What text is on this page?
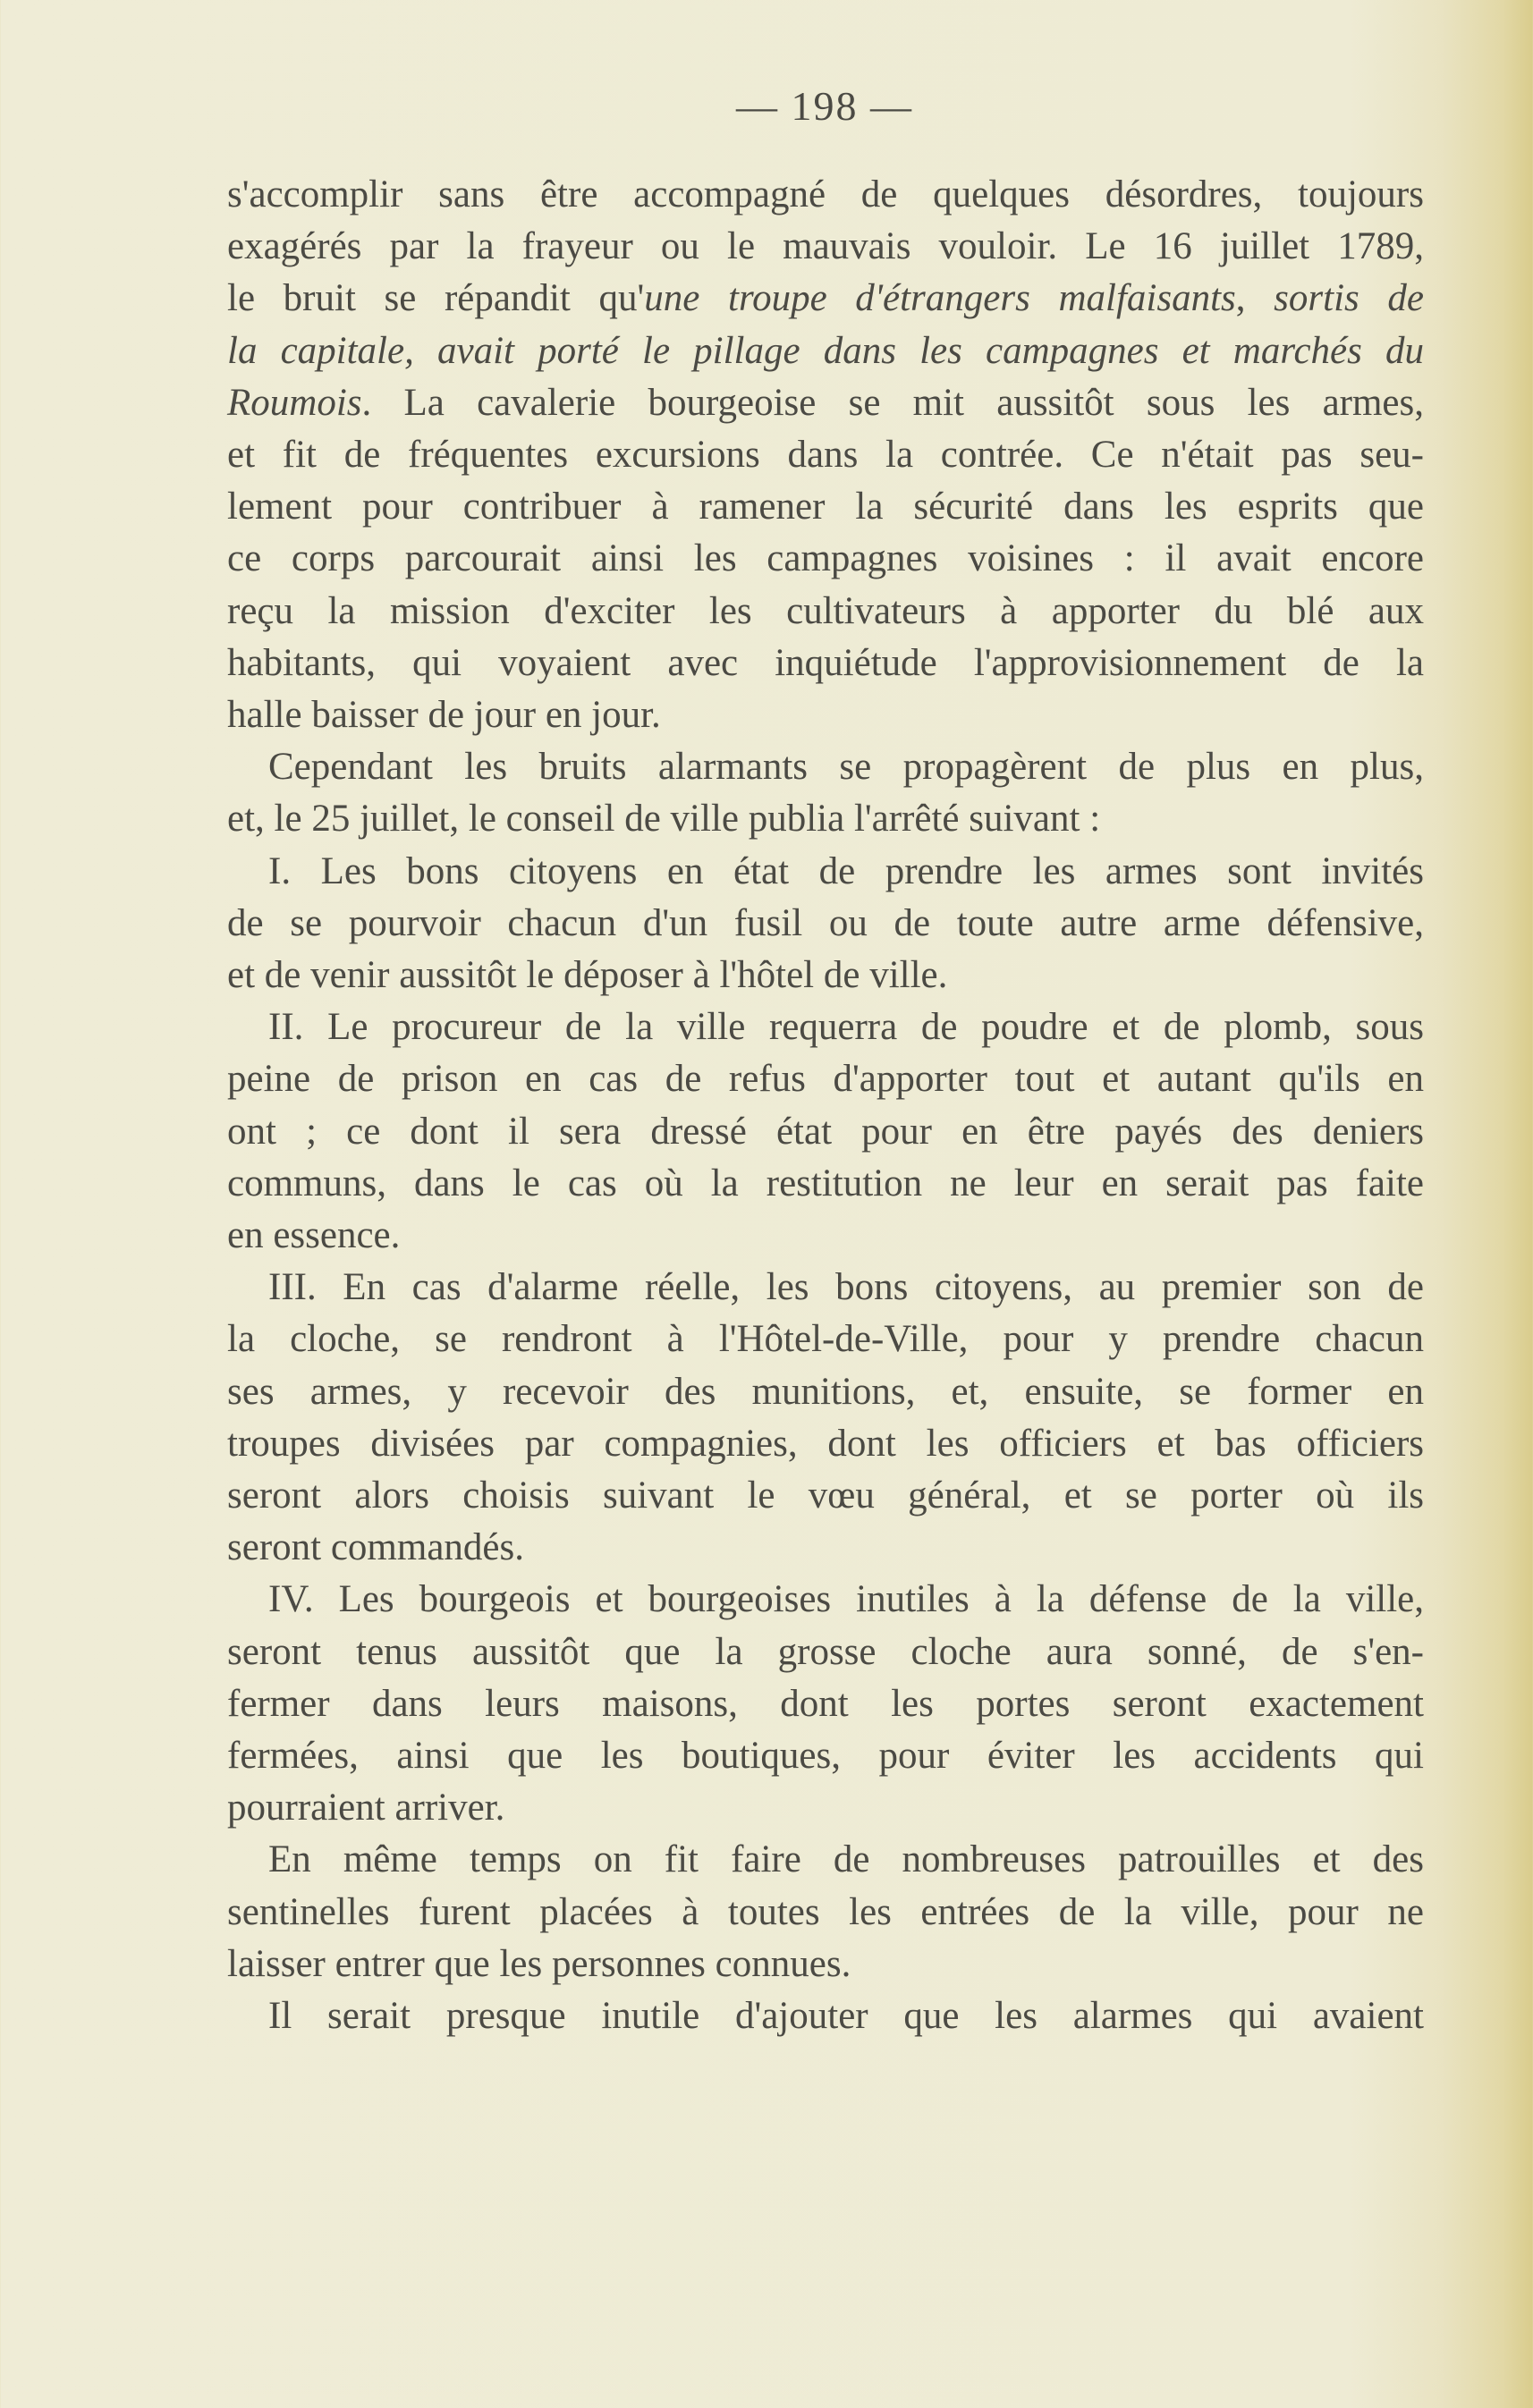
— 198 —
s'accomplir sans être accompagné de quelques désordres, toujours
exagérés par la frayeur ou le mauvais vouloir. Le 16 juillet 1789,
le bruit se répandit qu'une troupe d'étrangers malfaisants, sortis de
la capitale, avait porté le pillage dans les campagnes et marchés du
Roumois. La cavalerie bourgeoise se mit aussitôt sous les armes,
et fit de fréquentes excursions dans la contrée. Ce n'était pas seu-
lement pour contribuer à ramener la sécurité dans les esprits que
ce corps parcourait ainsi les campagnes voisines : il avait encore
reçu la mission d'exciter les cultivateurs à apporter du blé aux
habitants, qui voyaient avec inquiétude l'approvisionnement de la
halle baisser de jour en jour.
Cependant les bruits alarmants se propagèrent de plus en plus,
et, le 25 juillet, le conseil de ville publia l'arrêté suivant :
I. Les bons citoyens en état de prendre les armes sont invités
de se pourvoir chacun d'un fusil ou de toute autre arme défensive,
et de venir aussitôt le déposer à l'hôtel de ville.
II. Le procureur de la ville requerra de poudre et de plomb, sous
peine de prison en cas de refus d'apporter tout et autant qu'ils en
ont ; ce dont il sera dressé état pour en être payés des deniers
communs, dans le cas où la restitution ne leur en serait pas faite
en essence.
III. En cas d'alarme réelle, les bons citoyens, au premier son de
la cloche, se rendront à l'Hôtel-de-Ville, pour y prendre chacun
ses armes, y recevoir des munitions, et, ensuite, se former en
troupes divisées par compagnies, dont les officiers et bas officiers
seront alors choisis suivant le vœu général, et se porter où ils
seront commandés.
IV. Les bourgeois et bourgeoises inutiles à la défense de la ville,
seront tenus aussitôt que la grosse cloche aura sonné, de s'en-
fermer dans leurs maisons, dont les portes seront exactement
fermées, ainsi que les boutiques, pour éviter les accidents qui
pourraient arriver.
En même temps on fit faire de nombreuses patrouilles et des
sentinelles furent placées à toutes les entrées de la ville, pour ne
laisser entrer que les personnes connues.
Il serait presque inutile d'ajouter que les alarmes qui avaient
